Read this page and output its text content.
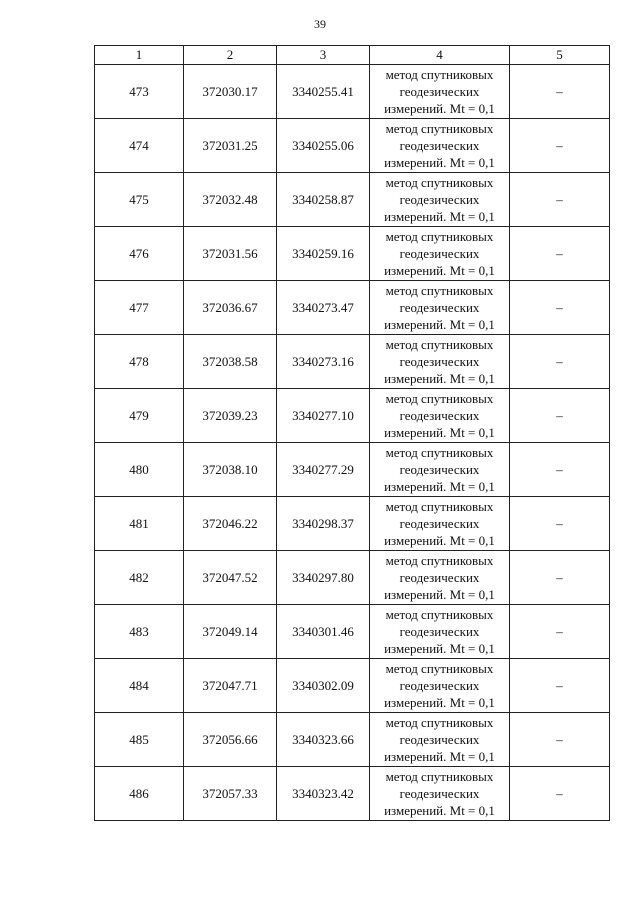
39
1	2	3	4	5
473	372030.17	3340255.41	метод спутниковых
геодезических
измерений. Mt = 0,1	–
474	372031.25	3340255.06	метод спутниковых
геодезических
измерений. Mt = 0,1	–
475	372032.48	3340258.87	метод спутниковых
геодезических
измерений. Mt = 0,1	–
476	372031.56	3340259.16	метод спутниковых
геодезических
измерений. Mt = 0,1	–
477	372036.67	3340273.47	метод спутниковых
геодезических
измерений. Mt = 0,1	–
478	372038.58	3340273.16	метод спутниковых
геодезических
измерений. Mt = 0,1	–
479	372039.23	3340277.10	метод спутниковых
геодезических
измерений. Mt = 0,1	–
480	372038.10	3340277.29	метод спутниковых
геодезических
измерений. Mt = 0,1	–
481	372046.22	3340298.37	метод спутниковых
геодезических
измерений. Mt = 0,1	–
482	372047.52	3340297.80	метод спутниковых
геодезических
измерений. Mt = 0,1	–
483	372049.14	3340301.46	метод спутниковых
геодезических
измерений. Mt = 0,1	–
484	372047.71	3340302.09	метод спутниковых
геодезических
измерений. Mt = 0,1	–
485	372056.66	3340323.66	метод спутниковых
геодезических
измерений. Mt = 0,1	–
486	372057.33	3340323.42	метод спутниковых
геодезических
измерений. Mt = 0,1	–
